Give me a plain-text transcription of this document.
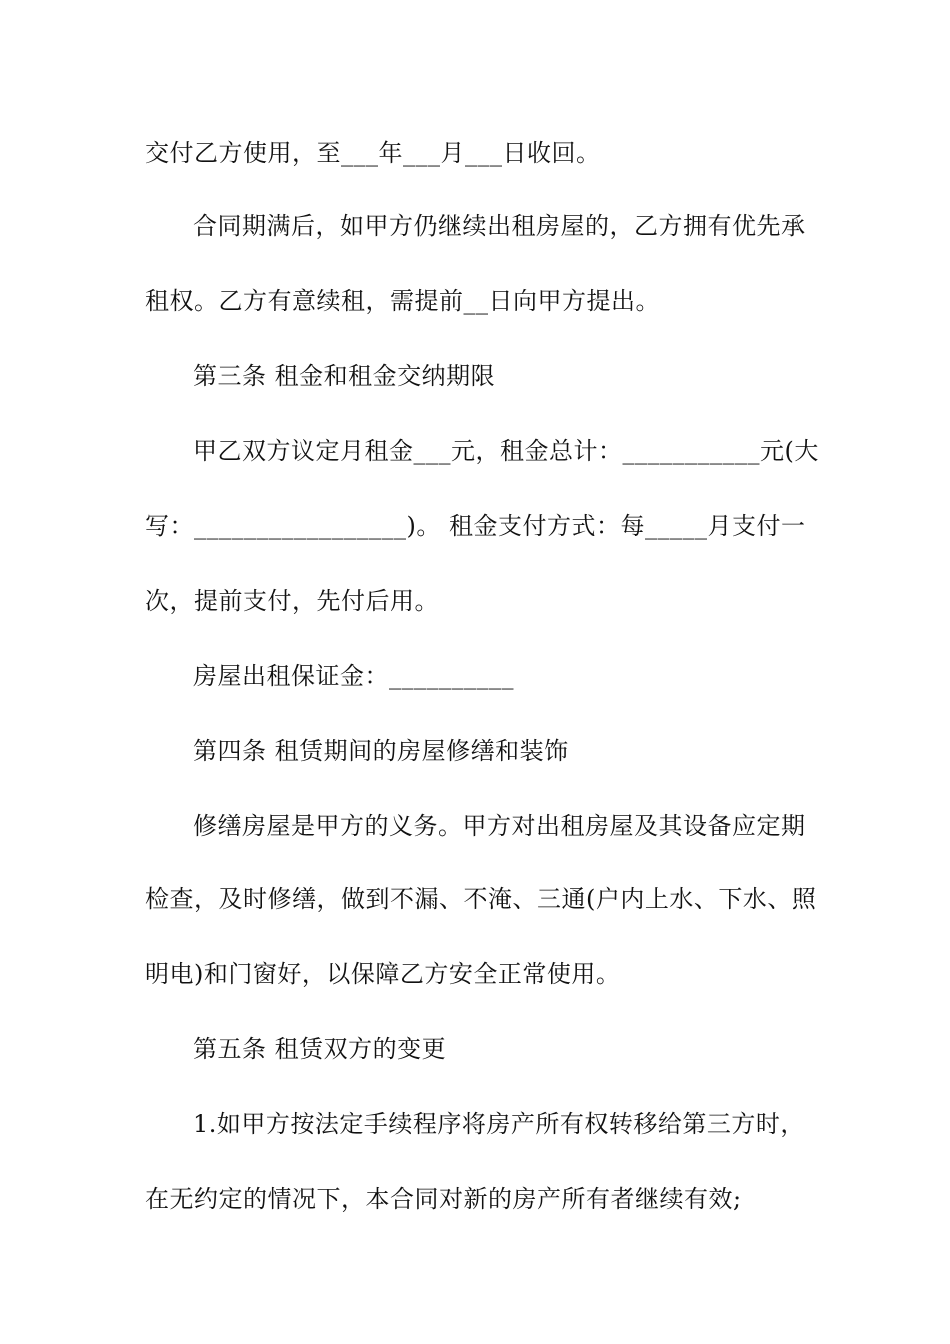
交付乙方使用，至___年___月___日收回。
合同期满后，如甲方仍继续出租房屋的，乙方拥有优先承
租权。乙方有意续租，需提前__日向甲方提出。
第三条 租金和租金交纳期限
甲乙双方议定月租金___元，租金总计：___________元(大
写：_________________)。 租金支付方式：每_____月支付一
次，提前支付，先付后用。
房屋出租保证金：__________
第四条 租赁期间的房屋修缮和装饰
修缮房屋是甲方的义务。甲方对出租房屋及其设备应定期
检查，及时修缮，做到不漏、不淹、三通(户内上水、下水、照
明电)和门窗好，以保障乙方安全正常使用。
第五条 租赁双方的变更
1.如甲方按法定手续程序将房产所有权转移给第三方时，
在无约定的情况下，本合同对新的房产所有者继续有效;
